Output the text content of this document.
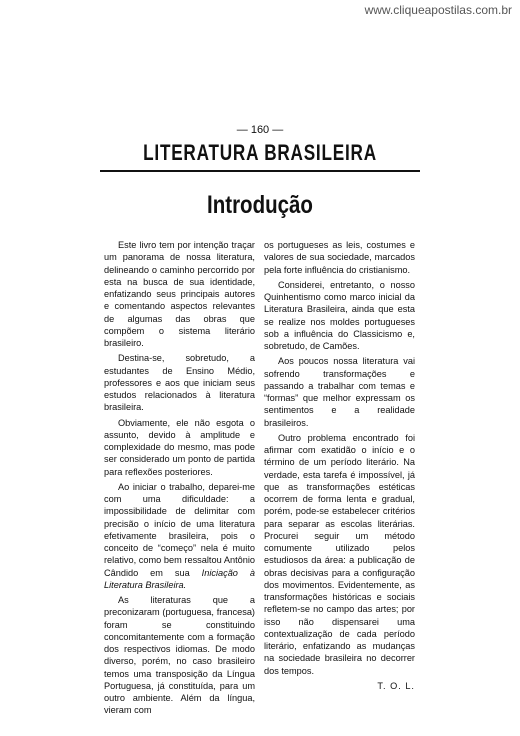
www.cliqueapostilas.com.br
— 160 —
LITERATURA BRASILEIRA
Introdução

Este livro tem por intenção traçar um panorama de nossa literatura, delineando o caminho percorrido por esta na busca de sua identidade, enfatizando seus principais autores e comentando aspectos relevantes de algumas das obras que compõem o sistema literário brasileiro.

Destina-se, sobretudo, a estudantes de Ensino Médio, professores e aos que iniciam seus estudos relacionados à literatura brasileira.

Obviamente, ele não esgota o assunto, devido à amplitude e complexidade do mesmo, mas pode ser considerado um ponto de partida para reflexões posteriores.

Ao iniciar o trabalho, deparei-me com uma dificuldade: a impossibilidade de delimitar com precisão o início de uma literatura efetivamente brasileira, pois o conceito de “começo” nela é muito relativo, como bem ressaltou Antônio Cândido em sua Iniciação à Literatura Brasileira.

As literaturas que a preconizaram (portuguesa, francesa) foram se constituindo concomitantemente com a formação dos respectivos idiomas. De modo diverso, porém, no caso brasileiro temos uma transposição da Língua Portuguesa, já constituída, para um outro ambiente. Além da língua, vieram com

os portugueses as leis, costumes e valores de sua sociedade, marcados pela forte influência do cristianismo.

Considerei, entretanto, o nosso Quinhentismo como marco inicial da Literatura Brasileira, ainda que esta se realize nos moldes portugueses sob a influência do Classicismo e, sobretudo, de Camões.

Aos poucos nossa literatura vai sofrendo transformações e passando a trabalhar com temas e “formas” que melhor expressam os sentimentos e a realidade brasileiros.

Outro problema encontrado foi afirmar com exatidão o início e o término de um período literário. Na verdade, esta tarefa é impossível, já que as transformações estéticas ocorrem de forma lenta e gradual, porém, pode-se estabelecer critérios para separar as escolas literárias. Procurei seguir um método comumente utilizado pelos estudiosos da área: a publicação de obras decisivas para a configuração dos movimentos. Evidentemente, as transformações históricas e sociais refletem-se no campo das artes; por isso não dispensarei uma contextualização de cada período literário, enfatizando as mudanças na sociedade brasileira no decorrer dos tempos.

T. O. L.
